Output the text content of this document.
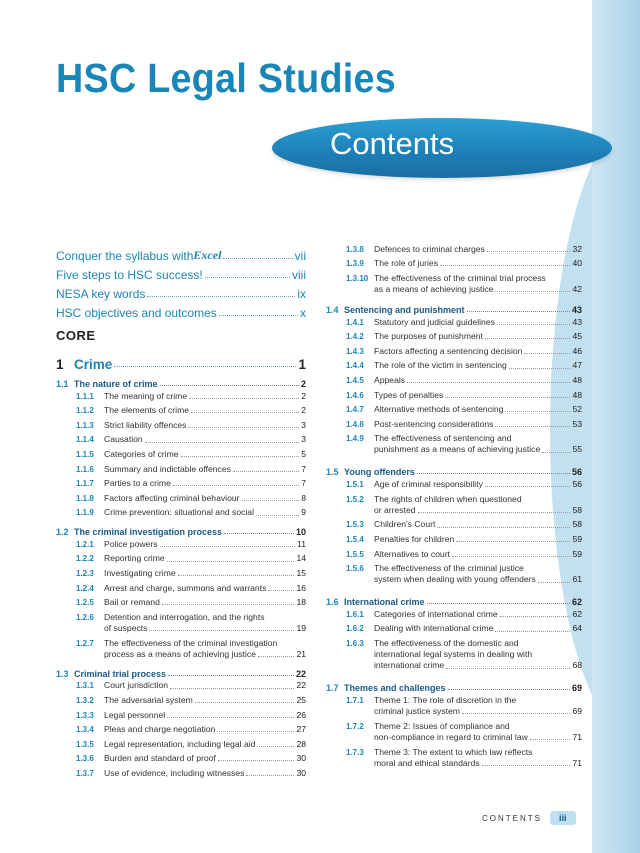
HSC Legal Studies
Contents
Conquer the syllabus with Excel	vii
Five steps to HSC success!	viii
NESA key words	ix
HSC objectives and outcomes	x
CORE
1 Crime	1
1.1 The nature of crime	2
1.1.1	The meaning of crime	2
1.1.2	The elements of crime	2
1.1.3	Strict liability offences	3
1.1.4	Causation	3
1.1.5	Categories of crime	5
1.1.6	Summary and indictable offences	7
1.1.7	Parties to a crime	7
1.1.8	Factors affecting criminal behaviour	8
1.1.9	Crime prevention: situational and social	9
1.2 The criminal investigation process	10
1.2.1	Police powers	11
1.2.2	Reporting crime	14
1.2.3	Investigating crime	15
1.2.4	Arrest and charge, summons and warrants	16
1.2.5	Bail or remand	18
1.2.6	Detention and interrogation, and the rights
of suspects	19
1.2.7	The effectiveness of the criminal investigation
process as a means of achieving justice	21
1.3 Criminal trial process	22
1.3.1	Court jurisdiction	22
1.3.2	The adversarial system	25
1.3.3	Legal personnel	26
1.3.4	Pleas and charge negotiation	27
1.3.5	Legal representation, including legal aid	28
1.3.6	Burden and standard of proof	30
1.3.7	Use of evidence, including witnesses	30
1.3.8	Defences to criminal charges	32
1.3.9	The role of juries	40
1.3.10 The effectiveness of the criminal trial process
as a means of achieving justice	42
1.4 Sentencing and punishment	43
1.4.1	Statutory and judicial guidelines	43
1.4.2	The purposes of punishment	45
1.4.3	Factors affecting a sentencing decision	46
1.4.4	The role of the victim in sentencing	47
1.4.5	Appeals	48
1.4.6	Types of penalties	48
1.4.7	Alternative methods of sentencing	52
1.4.8	Post-sentencing considerations	53
1.4.9	The effectiveness of sentencing and
punishment as a means of achieving justice	55
1.5 Young offenders	56
1.5.1	Age of criminal responsibility	56
1.5.2	The rights of children when questioned
or arrested	58
1.5.3	Children's Court	58
1.5.4	Penalties for children	59
1.5.5	Alternatives to court	59
1.5.6	The effectiveness of the criminal justice
system when dealing with young offenders	61
1.6 International crime	62
1.6.1	Categories of international crime	62
1.6.2	Dealing with international crime	64
1.6.3	The effectiveness of the domestic and
international legal systems in dealing with
international crime	68
1.7 Themes and challenges	69
1.7.1	Theme 1: The role of discretion in the
criminal justice system	69
1.7.2	Theme 2: Issues of compliance and
non-compliance in regard to criminal law	71
1.7.3	Theme 3: The extent to which law reflects
moral and ethical standards	71
CONTENTS	iii
